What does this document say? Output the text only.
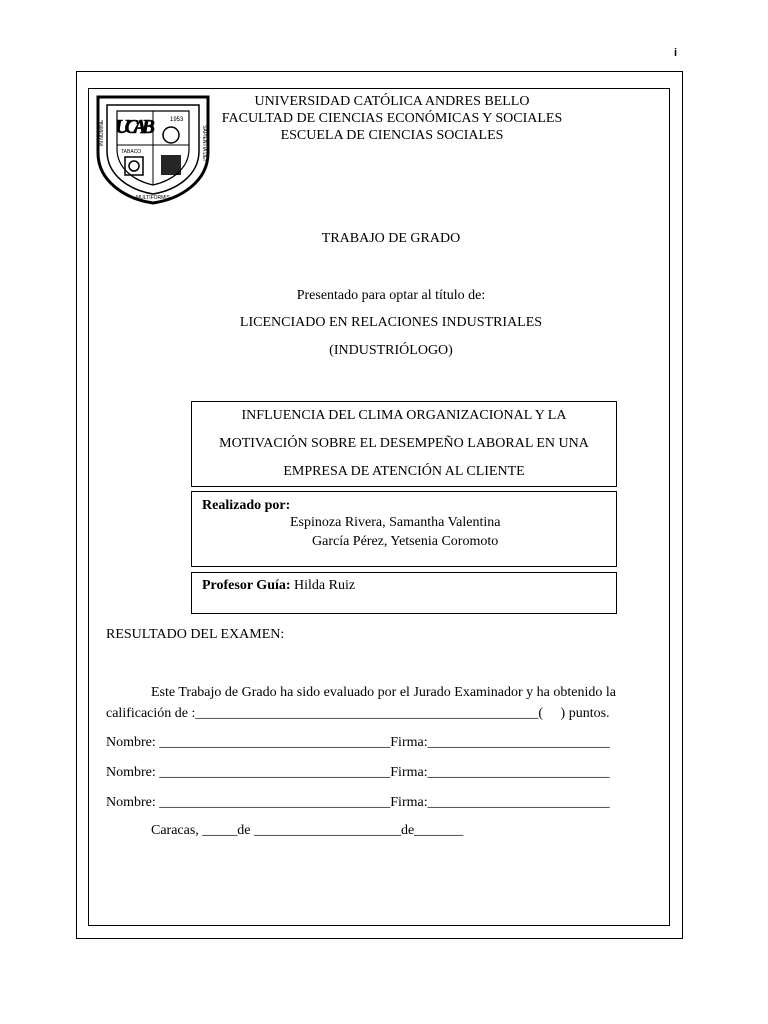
i
UCAB	1953
TABACO
IN NOMINE
MULTIFORMIS
SAPIENTIA DEI
UNIVERSIDAD CATÓLICA ANDRES BELLO
FACULTAD DE CIENCIAS ECONÓMICAS Y SOCIALES
ESCUELA DE CIENCIAS SOCIALES
TRABAJO DE GRADO
Presentado para optar al título de:
LICENCIADO EN RELACIONES INDUSTRIALES
(INDUSTRIÓLOGO)
INFLUENCIA DEL CLIMA ORGANIZACIONAL Y LA
MOTIVACIÓN SOBRE EL DESEMPEÑO LABORAL EN UNA
EMPRESA DE ATENCIÓN AL CLIENTE
Realizado por:
Espinoza Rivera, Samantha Valentina
García Pérez, Yetsenia Coromoto
Profesor Guía: Hilda Ruiz
RESULTADO DEL EXAMEN:
Este Trabajo de Grado ha sido evaluado por el Jurado Examinador y ha obtenido la
calificación de :_________________________________________________(     ) puntos.
Nombre: _________________________________Firma:__________________________
Nombre: _________________________________Firma:__________________________
Nombre: _________________________________Firma:__________________________
Caracas, _____de _____________________de_______
